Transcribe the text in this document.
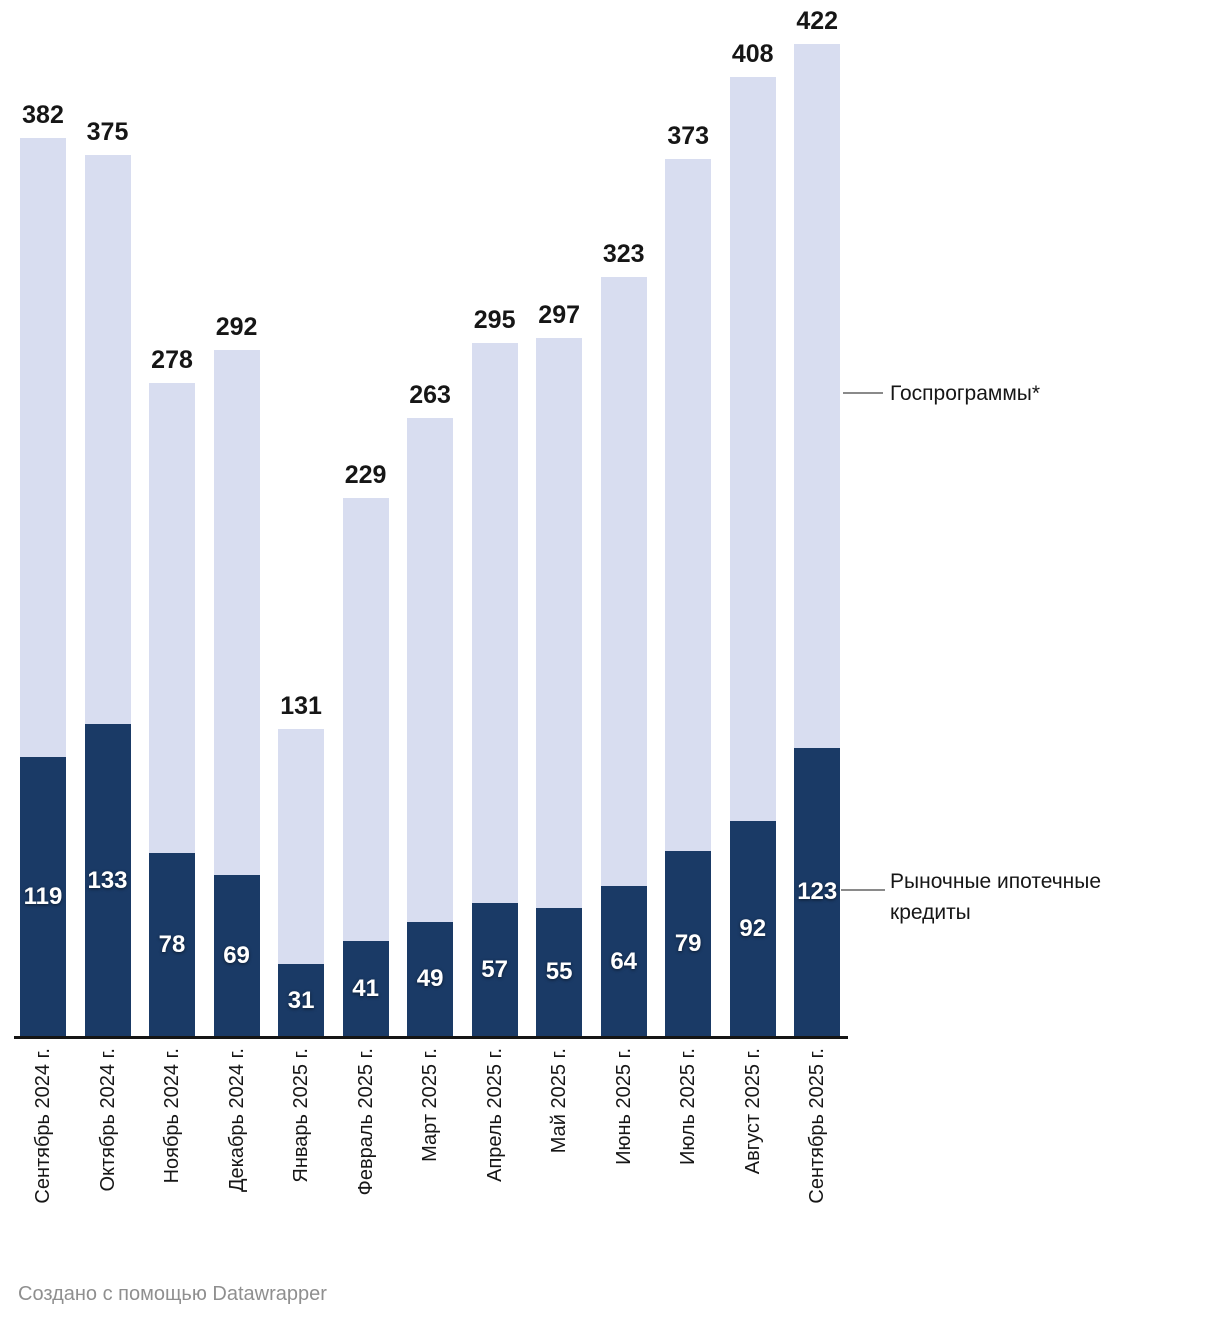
382
119
Сентябрь 2024 г.
375
133
Октябрь 2024 г.
278
78
Ноябрь 2024 г.
292
69
Декабрь 2024 г.
131
31
Январь 2025 г.
229
41
Февраль 2025 г.
263
49
Март 2025 г.
295
57
Апрель 2025 г.
297
55
Май 2025 г.
323
64
Июнь 2025 г.
373
79
Июль 2025 г.
408
92
Август 2025 г.
422
123
Сентябрь 2025 г.
Госпрограммы*
Рыночные ипотечные
кредиты
Создано с помощью Datawrapper
